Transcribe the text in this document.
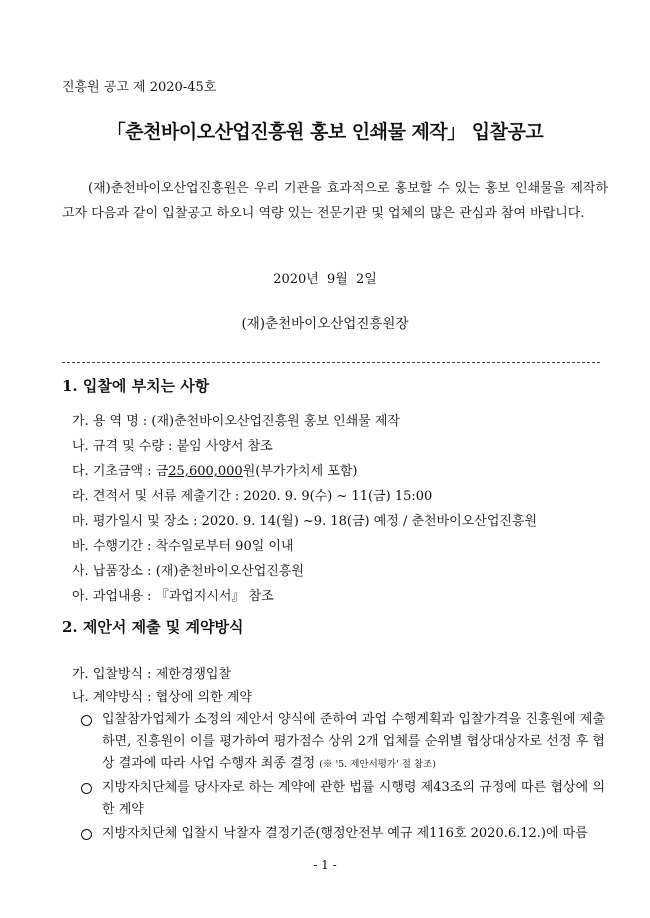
진흥원 공고 제 2020-45호
「춘천바이오산업진흥원 홍보 인쇄물 제작」 입찰공고
(재)춘천바이오산업진흥원은 우리 기관을 효과적으로 홍보할 수 있는 홍보 인쇄물을 제작하고자 다음과 같이 입찰공고 하오니 역량 있는 전문기관 및 업체의 많은 관심과 참여 바랍니다.
2020년 9월 2일
(재)춘천바이오산업진흥원장
1. 입찰에 부치는 사항
가. 용 역 명 : (재)춘천바이오산업진흥원 홍보 인쇄물 제작
나. 규격 및 수량 : 붙임 사양서 참조
다. 기초금액 : 금25,600,000원(부가가치세 포함)
라. 견적서 및 서류 제출기간 : 2020. 9. 9(수) ~ 11(금) 15:00
마. 평가일시 및 장소 : 2020. 9. 14(월) ~9. 18(금) 예정 / 춘천바이오산업진흥원
바. 수행기간 : 착수일로부터 90일 이내
사. 납품장소 : (재)춘천바이오산업진흥원
아. 과업내용 : 『과업지시서』 참조
2. 제안서 제출 및 계약방식
가. 입찰방식 : 제한경쟁입찰
나. 계약방식 : 협상에 의한 계약
입찰참가업체가 소정의 제안서 양식에 준하여 과업 수행계획과 입찰가격을 진흥원에 제출하면, 진흥원이 이를 평가하여 평가점수 상위 2개 업체를 순위별 협상대상자로 선정 후 협상 결과에 따라 사업 수행자 최종 결정 (※ '5. 제안서평가' 절 참조)
지방자치단체를 당사자로 하는 계약에 관한 법률 시행령 제43조의 규정에 따른 협상에 의한 계약
지방자치단체 입찰시 낙찰자 결정기준(행정안전부 예규 제116호 2020.6.12.)에 따름
- 1 -
